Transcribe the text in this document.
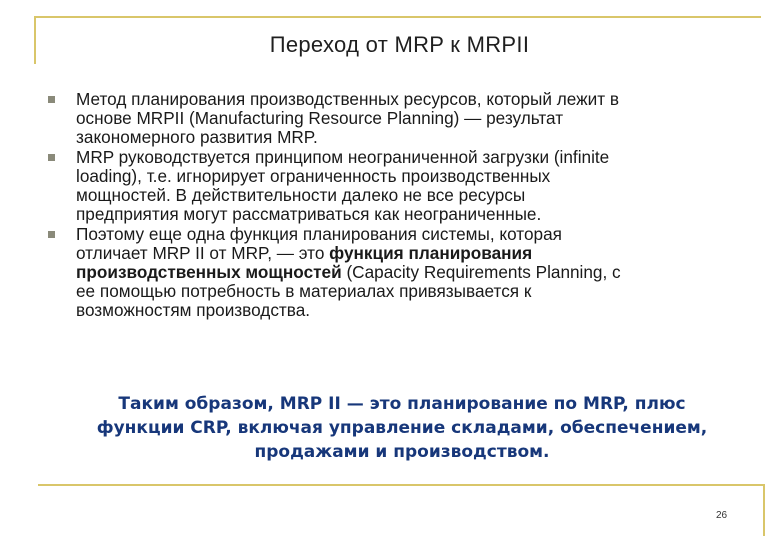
Переход от MRP к MRPII
Метод планирования производственных ресурсов, который лежит в
основе MRPII (Manufacturing Resource Planning) — результат
закономерного развития MRP.
MRP руководствуется принципом неограниченной загрузки (infinite
loading), т.е. игнорирует ограниченность производственных
мощностей. В действительности далеко не все ресурсы
предприятия могут рассматриваться как неограниченные.
Поэтому еще одна функция планирования системы, которая
отличает MRP II от MRP, — это функция планирования
производственных мощностей (Capacity Requirements Planning, с
ее помощью потребность в материалах привязывается к
возможностям производства.
Таким образом, MRP II — это планирование по MRP, плюс
функции CRP, включая управление складами, обеспечением,
продажами и производством.
26
